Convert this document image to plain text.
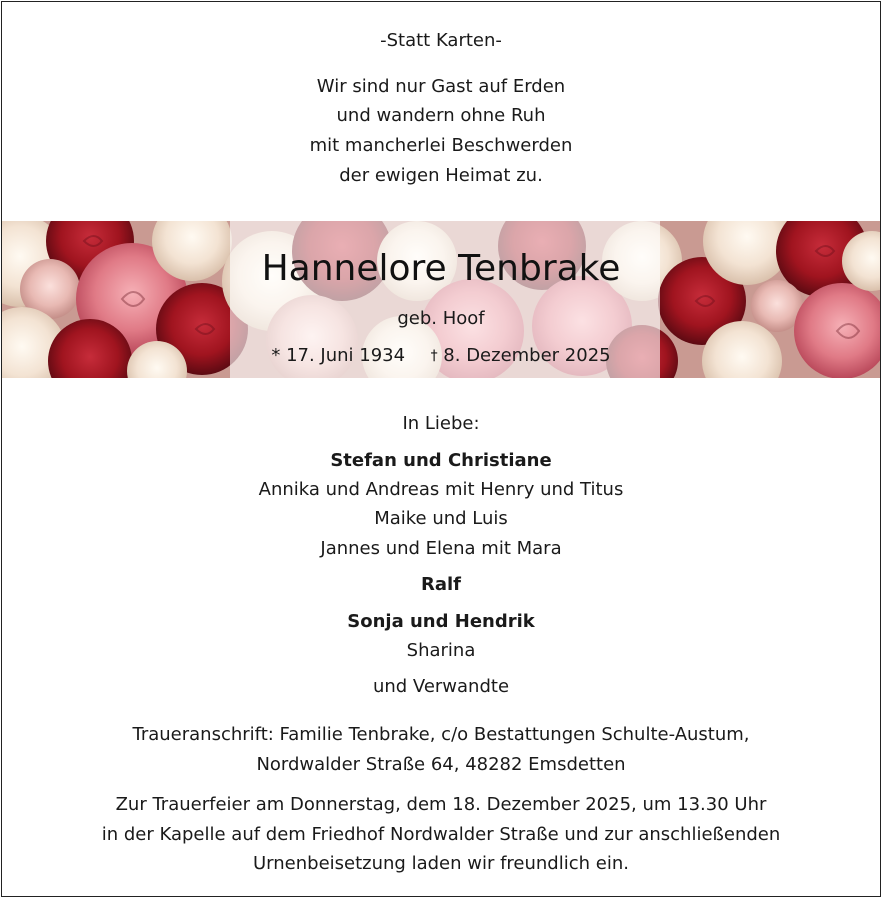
-Statt Karten-
Wir sind nur Gast auf Erden
und wandern ohne Ruh
mit mancherlei Beschwerden
der ewigen Heimat zu.
Hannelore Tenbrake
geb. Hoof
* 17. Juni 1934 † 8. Dezember 2025
In Liebe:
Stefan und Christiane
Annika und Andreas mit Henry und Titus
Maike und Luis
Jannes und Elena mit Mara
Ralf
Sonja und Hendrik
Sharina
und Verwandte
Traueranschrift: Familie Tenbrake, c/o Bestattungen Schulte-Austum,
Nordwalder Straße 64, 48282 Emsdetten
Zur Trauerfeier am Donnerstag, dem 18. Dezember 2025, um 13.30 Uhr
in der Kapelle auf dem Friedhof Nordwalder Straße und zur anschließenden
Urnenbeisetzung laden wir freundlich ein.
